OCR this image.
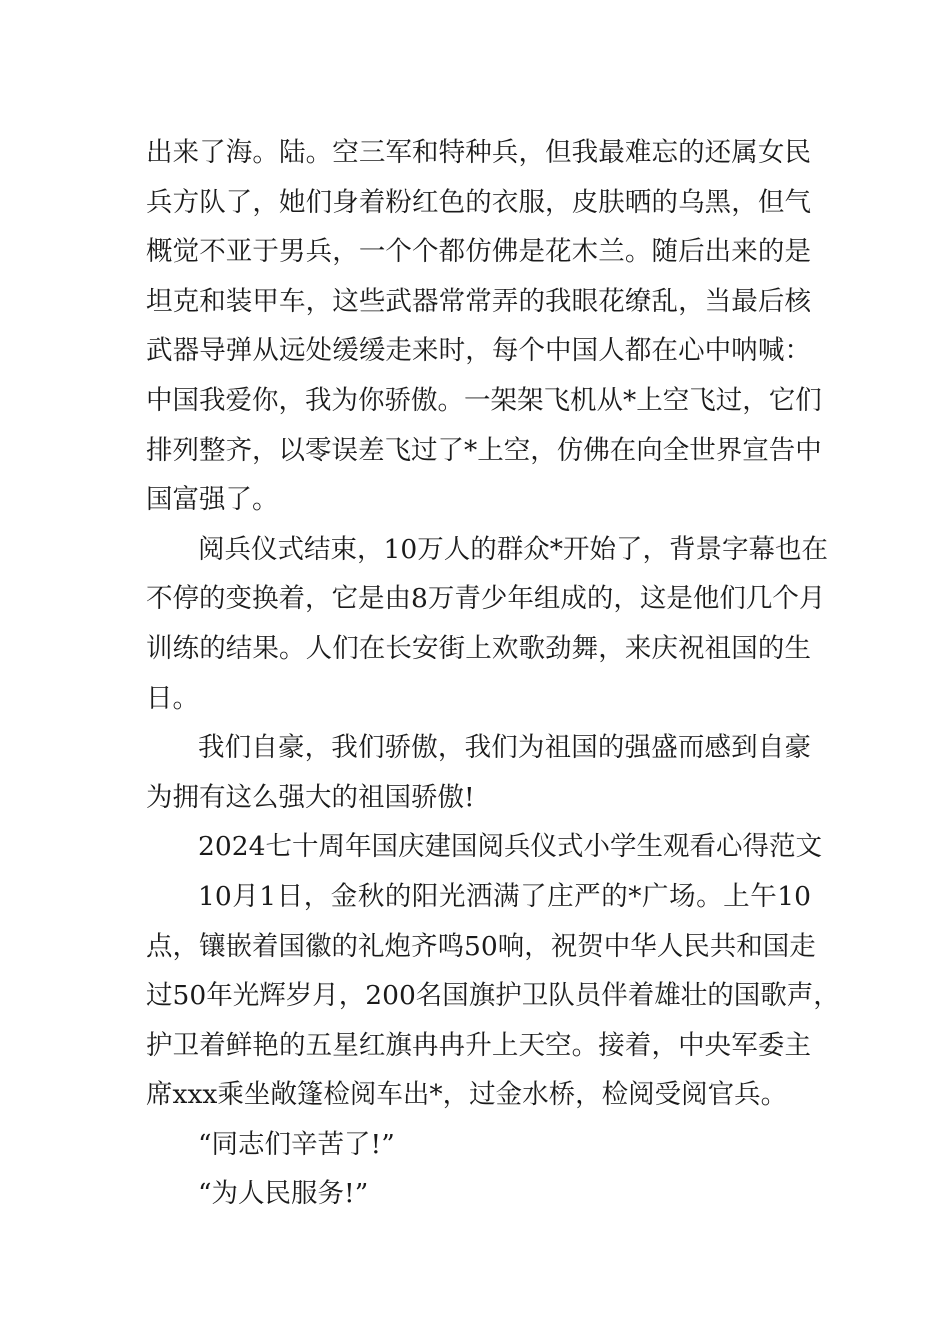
出来了海。陆。空三军和特种兵，但我最难忘的还属女民
兵方队了，她们身着粉红色的衣服，皮肤晒的乌黑，但气
概觉不亚于男兵，一个个都仿佛是花木兰。随后出来的是
坦克和装甲车，这些武器常常弄的我眼花缭乱，当最后核
武器导弹从远处缓缓走来时，每个中国人都在心中呐喊：
中国我爱你，我为你骄傲。一架架飞机从*上空飞过，它们
排列整齐，以零误差飞过了*上空，仿佛在向全世界宣告中
国富强了。
阅兵仪式结束，10万人的群众*开始了，背景字幕也在
不停的变换着，它是由8万青少年组成的，这是他们几个月
训练的结果。人们在长安街上欢歌劲舞，来庆祝祖国的生
日。
我们自豪，我们骄傲，我们为祖国的强盛而感到自豪
为拥有这么强大的祖国骄傲!
2024七十周年国庆建国阅兵仪式小学生观看心得范文
10月1日，金秋的阳光洒满了庄严的*广场。上午10
点，镶嵌着国徽的礼炮齐鸣50响，祝贺中华人民共和国走
过50年光辉岁月，200名国旗护卫队员伴着雄壮的国歌声，
护卫着鲜艳的五星红旗冉冉升上天空。接着，中央军委主
席xxx乘坐敞篷检阅车出*，过金水桥，检阅受阅官兵。
“同志们辛苦了!”
“为人民服务!”
